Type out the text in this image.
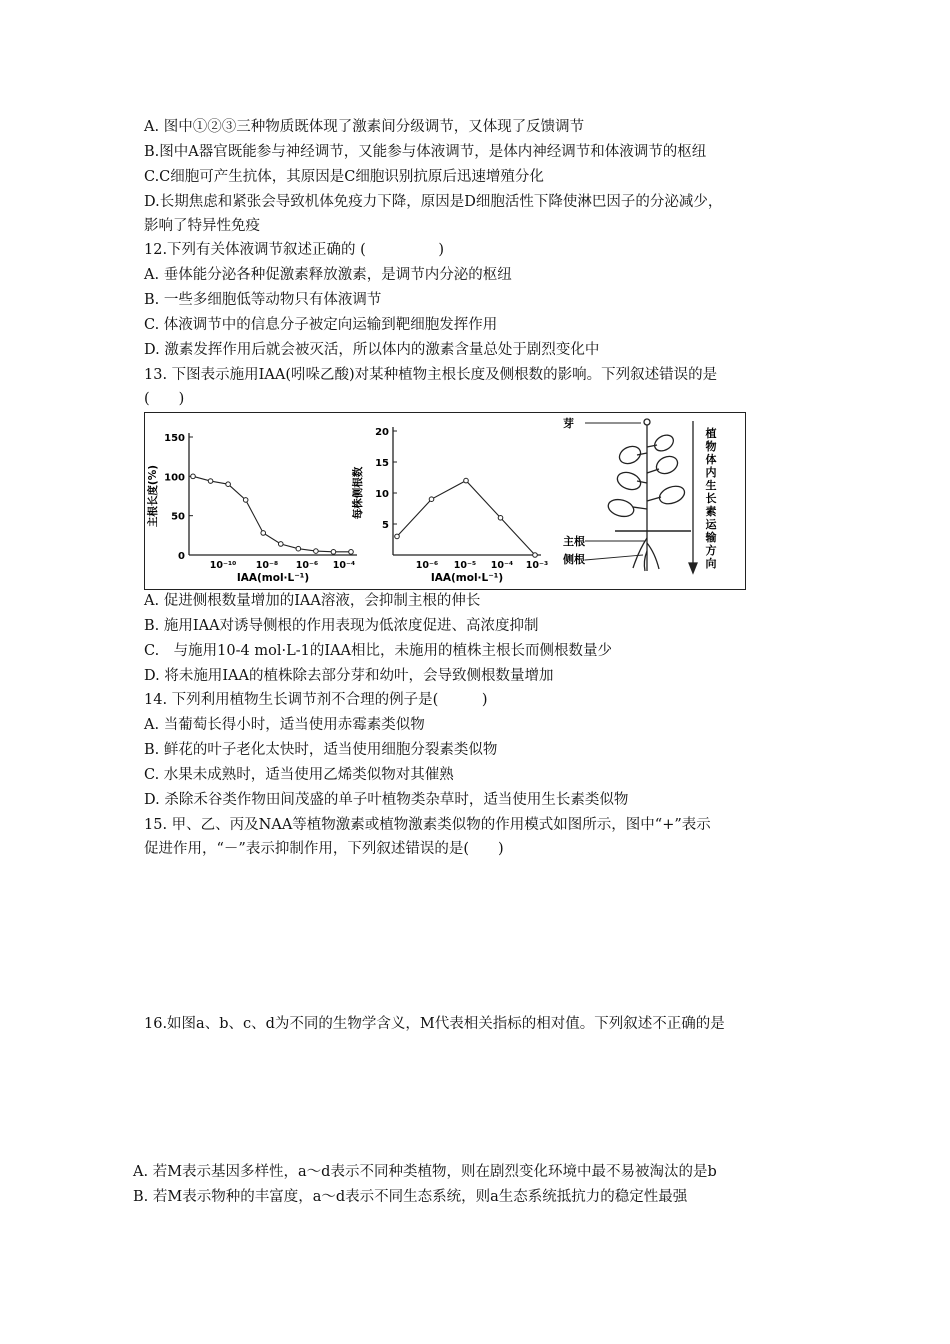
A. 图中①②③三种物质既体现了激素间分级调节，又体现了反馈调节
B.图中A器官既能参与神经调节，又能参与体液调节，是体内神经调节和体液调节的枢纽
C.C细胞可产生抗体，其原因是C细胞识别抗原后迅速增殖分化
D.长期焦虑和紧张会导致机体免疫力下降，原因是D细胞活性下降使淋巴因子的分泌减少，
影响了特异性免疫
12.下列有关体液调节叙述正确的 (　　　　　)
A. 垂体能分泌各种促激素释放激素，是调节内分泌的枢纽
B. 一些多细胞低等动物只有体液调节
C. 体液调节中的信息分子被定向运输到靶细胞发挥作用
D. 激素发挥作用后就会被灭活，所以体内的激素含量总处于剧烈变化中
13. 下图表示施用IAA(吲哚乙酸)对某种植物主根长度及侧根数的影响。下列叙述错误的是
(　　)
150
100
50
0
10⁻¹⁰ 10⁻⁸ 10⁻⁶ 10⁻⁴
IAA(mol·L⁻¹)
主根长度(%)
20
15
10
5
10⁻⁶ 10⁻⁵ 10⁻⁴ 10⁻³
IAA(mol·L⁻¹)
每株侧根数
芽
主根
侧根
植物体内生长素运输方向
A. 促进侧根数量增加的IAA溶液，会抑制主根的伸长
B. 施用IAA对诱导侧根的作用表现为低浓度促进、高浓度抑制
C.　与施用10-4 mol·L-1的IAA相比，未施用的植株主根长而侧根数量少
D. 将未施用IAA的植株除去部分芽和幼叶，会导致侧根数量增加
14. 下列利用植物生长调节剂不合理的例子是(　　　)
A. 当葡萄长得小时，适当使用赤霉素类似物
B. 鲜花的叶子老化太快时，适当使用细胞分裂素类似物
C. 水果未成熟时，适当使用乙烯类似物对其催熟
D. 杀除禾谷类作物田间茂盛的单子叶植物类杂草时，适当使用生长素类似物
15. 甲、乙、丙及NAA等植物激素或植物激素类似物的作用模式如图所示，图中“+”表示
促进作用，“－”表示抑制作用，下列叙述错误的是(　　)
16.如图a、b、c、d为不同的生物学含义，M代表相关指标的相对值。下列叙述不正确的是
A. 若M表示基因多样性，a～d表示不同种类植物，则在剧烈变化环境中最不易被淘汰的是b
B. 若M表示物种的丰富度，a～d表示不同生态系统，则a生态系统抵抗力的稳定性最强
